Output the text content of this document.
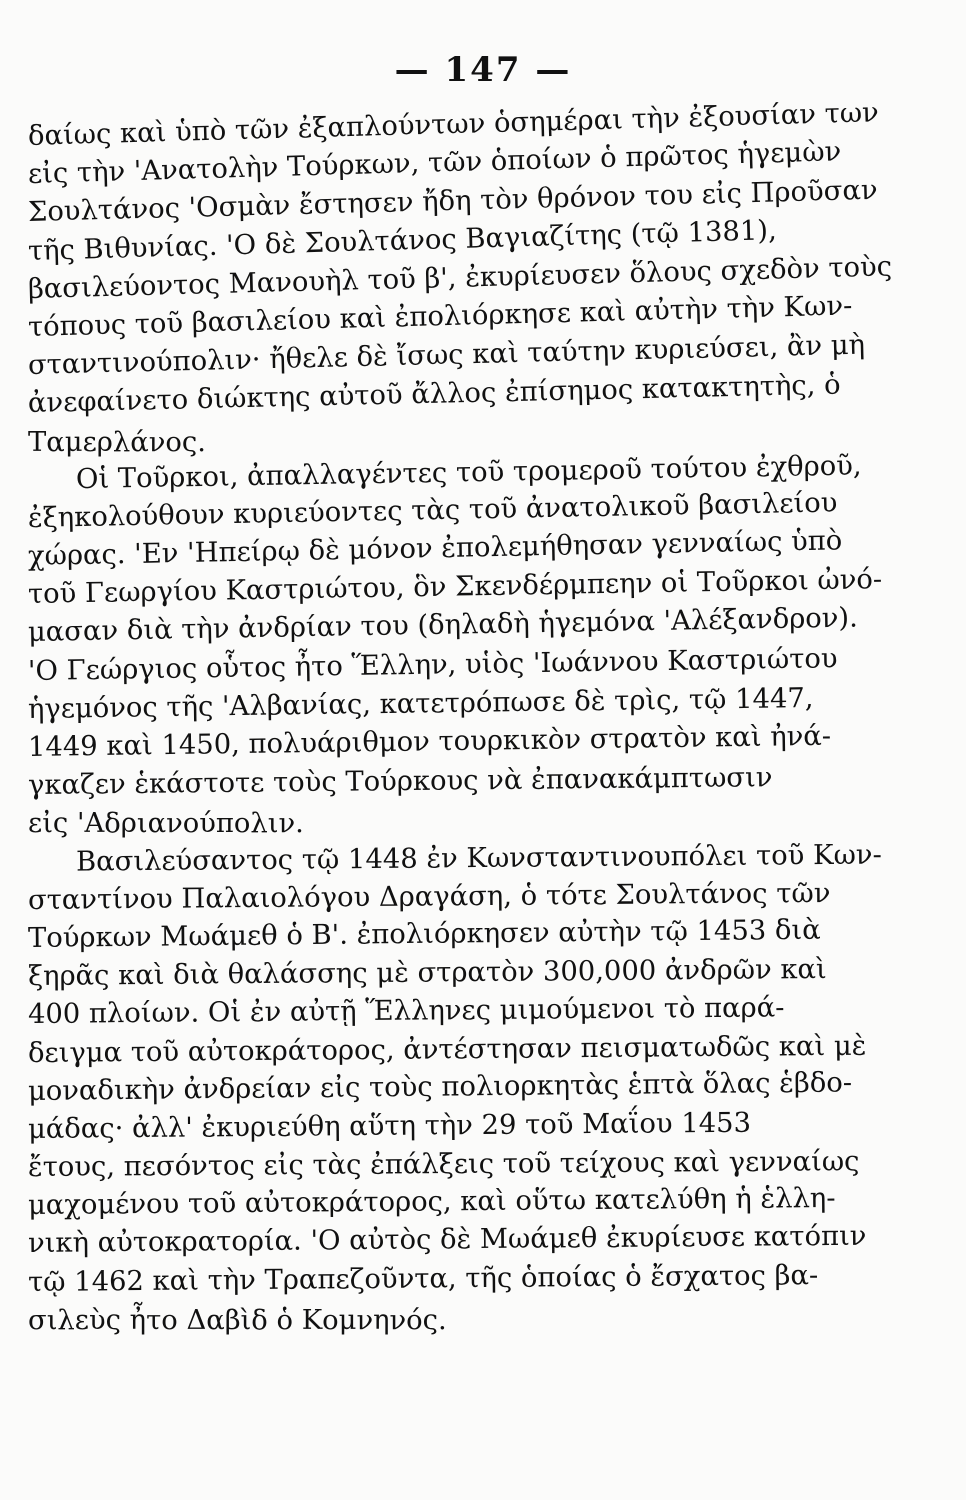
— 147 —
δαίως καὶ ὑπὸ τῶν ἐξαπλούντων ὁσημέραι τὴν ἐξουσίαν των
εἰς τὴν 'Ανατολὴν Τούρκων, τῶν ὁποίων ὁ πρῶτος ἡγεμὼν
Σουλτάνος 'Οσμὰν ἔστησεν ἤδη τὸν θρόνον του εἰς Προῦσαν
τῆς Βιθυνίας. 'Ο δὲ Σουλτάνος Βαγιαζίτης (τῷ 1381),
βασιλεύοντος Μανουὴλ τοῦ β', ἐκυρίευσεν ὅλους σχεδὸν τοὺς
τόπους τοῦ βασιλείου καὶ ἐπολιόρκησε καὶ αὐτὴν τὴν Κων-
σταντινούπολιν· ἤθελε δὲ ἴσως καὶ ταύτην κυριεύσει, ἂν μὴ
ἀνεφαίνετο διώκτης αὐτοῦ ἄλλος ἐπίσημος κατακτητὴς, ὁ
Ταμερλάνος.
Οἱ Τοῦρκοι, ἀπαλλαγέντες τοῦ τρομεροῦ τούτου ἐχθροῦ,
ἐξηκολούθουν κυριεύοντες τὰς τοῦ ἀνατολικοῦ βασιλείου
χώρας. 'Εν 'Ηπείρῳ δὲ μόνον ἐπολεμήθησαν γενναίως ὑπὸ
τοῦ Γεωργίου Καστριώτου, ὃν Σκενδέρμπεην οἱ Τοῦρκοι ὠνό-
μασαν διὰ τὴν ἀνδρίαν του (δηλαδὴ ἡγεμόνα 'Αλέξανδρον).
'Ο Γεώργιος οὗτος ἦτο Ἕλλην, υἱὸς 'Ιωάννου Καστριώτου
ἡγεμόνος τῆς 'Αλβανίας, κατετρόπωσε δὲ τρὶς, τῷ 1447,
1449 καὶ 1450, πολυάριθμον τουρκικὸν στρατὸν καὶ ἠνά-
γκαζεν ἑκάστοτε τοὺς Τούρκους νὰ ἐπανακάμπτωσιν
εἰς 'Αδριανούπολιν.
Βασιλεύσαντος τῷ 1448 ἐν Κωνσταντινουπόλει τοῦ Κων-
σταντίνου Παλαιολόγου Δραγάση, ὁ τότε Σουλτάνος τῶν
Τούρκων Μωάμεθ ὁ Β'. ἐπολιόρκησεν αὐτὴν τῷ 1453 διὰ
ξηρᾶς καὶ διὰ θαλάσσης μὲ στρατὸν 300,000 ἀνδρῶν καὶ
400 πλοίων. Οἱ ἐν αὐτῇ Ἕλληνες μιμούμενοι τὸ παρά-
δειγμα τοῦ αὐτοκράτορος, ἀντέστησαν πεισματωδῶς καὶ μὲ
μοναδικὴν ἀνδρείαν εἰς τοὺς πολιορκητὰς ἑπτὰ ὅλας ἑβδο-
μάδας· ἀλλ' ἐκυριεύθη αὕτη τὴν 29 τοῦ Μαΐου 1453
ἔτους, πεσόντος εἰς τὰς ἐπάλξεις τοῦ τείχους καὶ γενναίως
μαχομένου τοῦ αὐτοκράτορος, καὶ οὕτω κατελύθη ἡ ἑλλη-
νικὴ αὐτοκρατορία. 'Ο αὐτὸς δὲ Μωάμεθ ἐκυρίευσε κατόπιν
τῷ 1462 καὶ τὴν Τραπεζοῦντα, τῆς ὁποίας ὁ ἔσχατος βα-
σιλεὺς ἦτο Δαβὶδ ὁ Κομνηνός.
